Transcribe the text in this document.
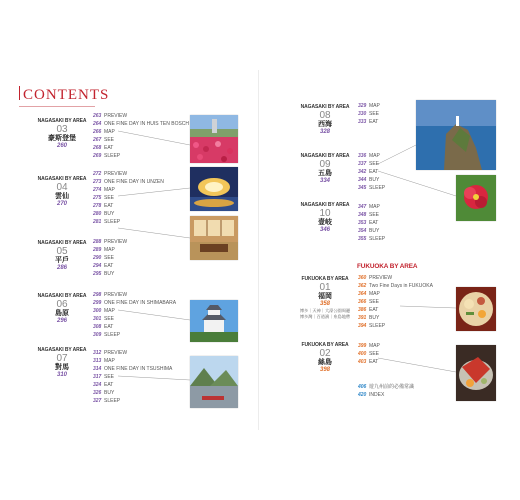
CONTENTS
NAGASAKI BY AREA
03
豪斯登堡
260
NAGASAKI BY AREA
04
雲仙
270
NAGASAKI BY AREA
05
平戶
286
NAGASAKI BY AREA
06
島原
296
NAGASAKI BY AREA
07
對馬
310
263 PREVIEW
264 ONE FINE DAY IN HUIS TEN BOSCH
266 MAP
267 SEE
268 EAT
269 SLEEP
272 PREVIEW
273 ONE FINE DAY IN UNZEN
274 MAP
275 SEE
278 EAT
280 BUY
281 SLEEP
288 PREVIEW
289 MAP
290 SEE
294 EAT
295 BUY
298 PREVIEW
299 ONE FINE DAY IN SHIMABARA
300 MAP
301 SEE
308 EAT
309 SLEEP
312 PREVIEW
313 MAP
314 ONE FINE DAY IN TSUSHIMA
317 SEE
324 EAT
326 BUY
327 SLEEP
NAGASAKI BY AREA
08
西海
328
NAGASAKI BY AREA
09
五島
334
NAGASAKI BY AREA
10
壹岐
346
329 MAP
330 SEE
333 EAT
336 MAP
337 SEE
342 EAT
344 BUY
345 SLEEP
347 MAP
348 SEE
353 EAT
354 BUY
355 SLEEP
FUKUOKA BY AREA
FUKUOKA BY AREA
01
福岡
358
博多｜天神｜大濠公園周邊
博多灣｜百道濱｜糸島地帶
FUKUOKA BY AREA
02
絲島
398
360 PREVIEW
362 Two Fine Days in FUKUOKA
364 MAP
366 SEE
386 EAT
391 BUY
394 SLEEP
399 MAP
400 SEE
403 EAT
406 遊九州前的必備常識
420 INDEX
